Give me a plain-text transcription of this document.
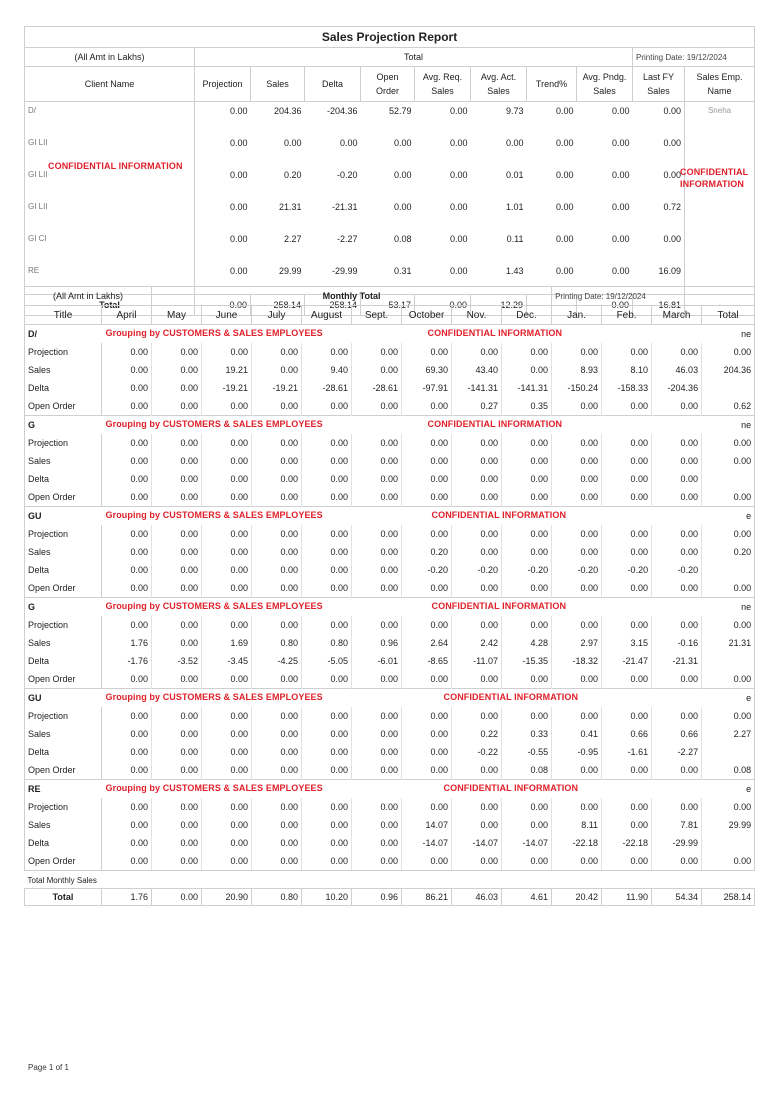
Sales Projection Report										
(All Amt in Lakhs)	Total								Printing Date: 19/12/2024	
Client Name	Projection	Sales	Delta	Open Order	Avg. Req. Sales	Avg. Act. Sales	Trend%	Avg. Pndg. Sales	Last FY Sales	Sales Emp. Name
D/	0.00	204.36	-204.36	52.79	0.00	9.73	0.00	0.00	0.00	Sneha
GI LII	0.00	0.00	0.00	0.00	0.00	0.00	0.00	0.00	0.00	
GI LII	0.00	0.20	-0.20	0.00	0.00	0.01	0.00	0.00	0.00	
GI LII	0.00	21.31	-21.31	0.00	0.00	1.01	0.00	0.00	0.72	
GI CI	0.00	2.27	-2.27	0.08	0.00	0.11	0.00	0.00	0.00	
RE	0.00	29.99	-29.99	0.31	0.00	1.43	0.00	0.00	16.09	
Total	0.00	258.14	-258.14	53.17	0.00	12.29	-	0.00	16.81	-
(All Amt in Lakhs)		Monthly Total								Printing Date: 19/12/2024			
Title	April	May	June	July	August	Sept.	October	Nov.	Dec.	Jan.	Feb.	March	Total
D/	Grouping by CUSTOMERS & SALES EMPLOYEES CONFIDENTIAL INFORMATION												ne
Projection	0.00	0.00	0.00	0.00	0.00	0.00	0.00	0.00	0.00	0.00	0.00	0.00	0.00
Sales	0.00	0.00	19.21	0.00	9.40	0.00	69.30	43.40	0.00	8.93	8.10	46.03	204.36
Delta	0.00	0.00	-19.21	-19.21	-28.61	-28.61	-97.91	-141.31	-141.31	-150.24	-158.33	-204.36	
Open Order	0.00	0.00	0.00	0.00	0.00	0.00	0.00	0.27	0.35	0.00	0.00	0.00	0.62
G	Grouping by CUSTOMERS & SALES EMPLOYEES CONFIDENTIAL INFORMATION												ne
Projection	0.00	0.00	0.00	0.00	0.00	0.00	0.00	0.00	0.00	0.00	0.00	0.00	0.00
Sales	0.00	0.00	0.00	0.00	0.00	0.00	0.00	0.00	0.00	0.00	0.00	0.00	0.00
Delta	0.00	0.00	0.00	0.00	0.00	0.00	0.00	0.00	0.00	0.00	0.00	0.00	
Open Order	0.00	0.00	0.00	0.00	0.00	0.00	0.00	0.00	0.00	0.00	0.00	0.00	0.00
GU	Grouping by CUSTOMERS & SALES EMPLOYEES CONFIDENTIAL INFORMATION												e
Projection	0.00	0.00	0.00	0.00	0.00	0.00	0.00	0.00	0.00	0.00	0.00	0.00	0.00
Sales	0.00	0.00	0.00	0.00	0.00	0.00	0.20	0.00	0.00	0.00	0.00	0.00	0.20
Delta	0.00	0.00	0.00	0.00	0.00	0.00	-0.20	-0.20	-0.20	-0.20	-0.20	-0.20	
Open Order	0.00	0.00	0.00	0.00	0.00	0.00	0.00	0.00	0.00	0.00	0.00	0.00	0.00
G	Grouping by CUSTOMERS & SALES EMPLOYEES CONFIDENTIAL INFORMATION												ne
Projection	0.00	0.00	0.00	0.00	0.00	0.00	0.00	0.00	0.00	0.00	0.00	0.00	0.00
Sales	1.76	0.00	1.69	0.80	0.80	0.96	2.64	2.42	4.28	2.97	3.15	-0.16	21.31
Delta	-1.76	-3.52	-3.45	-4.25	-5.05	-6.01	-8.65	-11.07	-15.35	-18.32	-21.47	-21.31	
Open Order	0.00	0.00	0.00	0.00	0.00	0.00	0.00	0.00	0.00	0.00	0.00	0.00	0.00
GU	Grouping by CUSTOMERS & SALES EMPLOYEES CONFIDENTIAL INFORMATION												e
Projection	0.00	0.00	0.00	0.00	0.00	0.00	0.00	0.00	0.00	0.00	0.00	0.00	0.00
Sales	0.00	0.00	0.00	0.00	0.00	0.00	0.00	0.22	0.33	0.41	0.66	0.66	2.27
Delta	0.00	0.00	0.00	0.00	0.00	0.00	0.00	-0.22	-0.55	-0.95	-1.61	-2.27	
Open Order	0.00	0.00	0.00	0.00	0.00	0.00	0.00	0.00	0.08	0.00	0.00	0.00	0.08
RE	Grouping by CUSTOMERS & SALES EMPLOYEES CONFIDENTIAL INFORMATION												e
Projection	0.00	0.00	0.00	0.00	0.00	0.00	0.00	0.00	0.00	0.00	0.00	0.00	0.00
Sales	0.00	0.00	0.00	0.00	0.00	0.00	14.07	0.00	0.00	8.11	0.00	7.81	29.99
Delta	0.00	0.00	0.00	0.00	0.00	0.00	-14.07	-14.07	-14.07	-22.18	-22.18	-29.99	
Open Order	0.00	0.00	0.00	0.00	0.00	0.00	0.00	0.00	0.00	0.00	0.00	0.00	0.00
Total Monthly Sales
Total	1.76	0.00	20.90	0.80	10.20	0.96	86.21	46.03	4.61	20.42	11.90	54.34	258.14
CONFIDENTIAL INFORMATION
CONFIDENTIAL INFORMATION
Page 1 of 1
